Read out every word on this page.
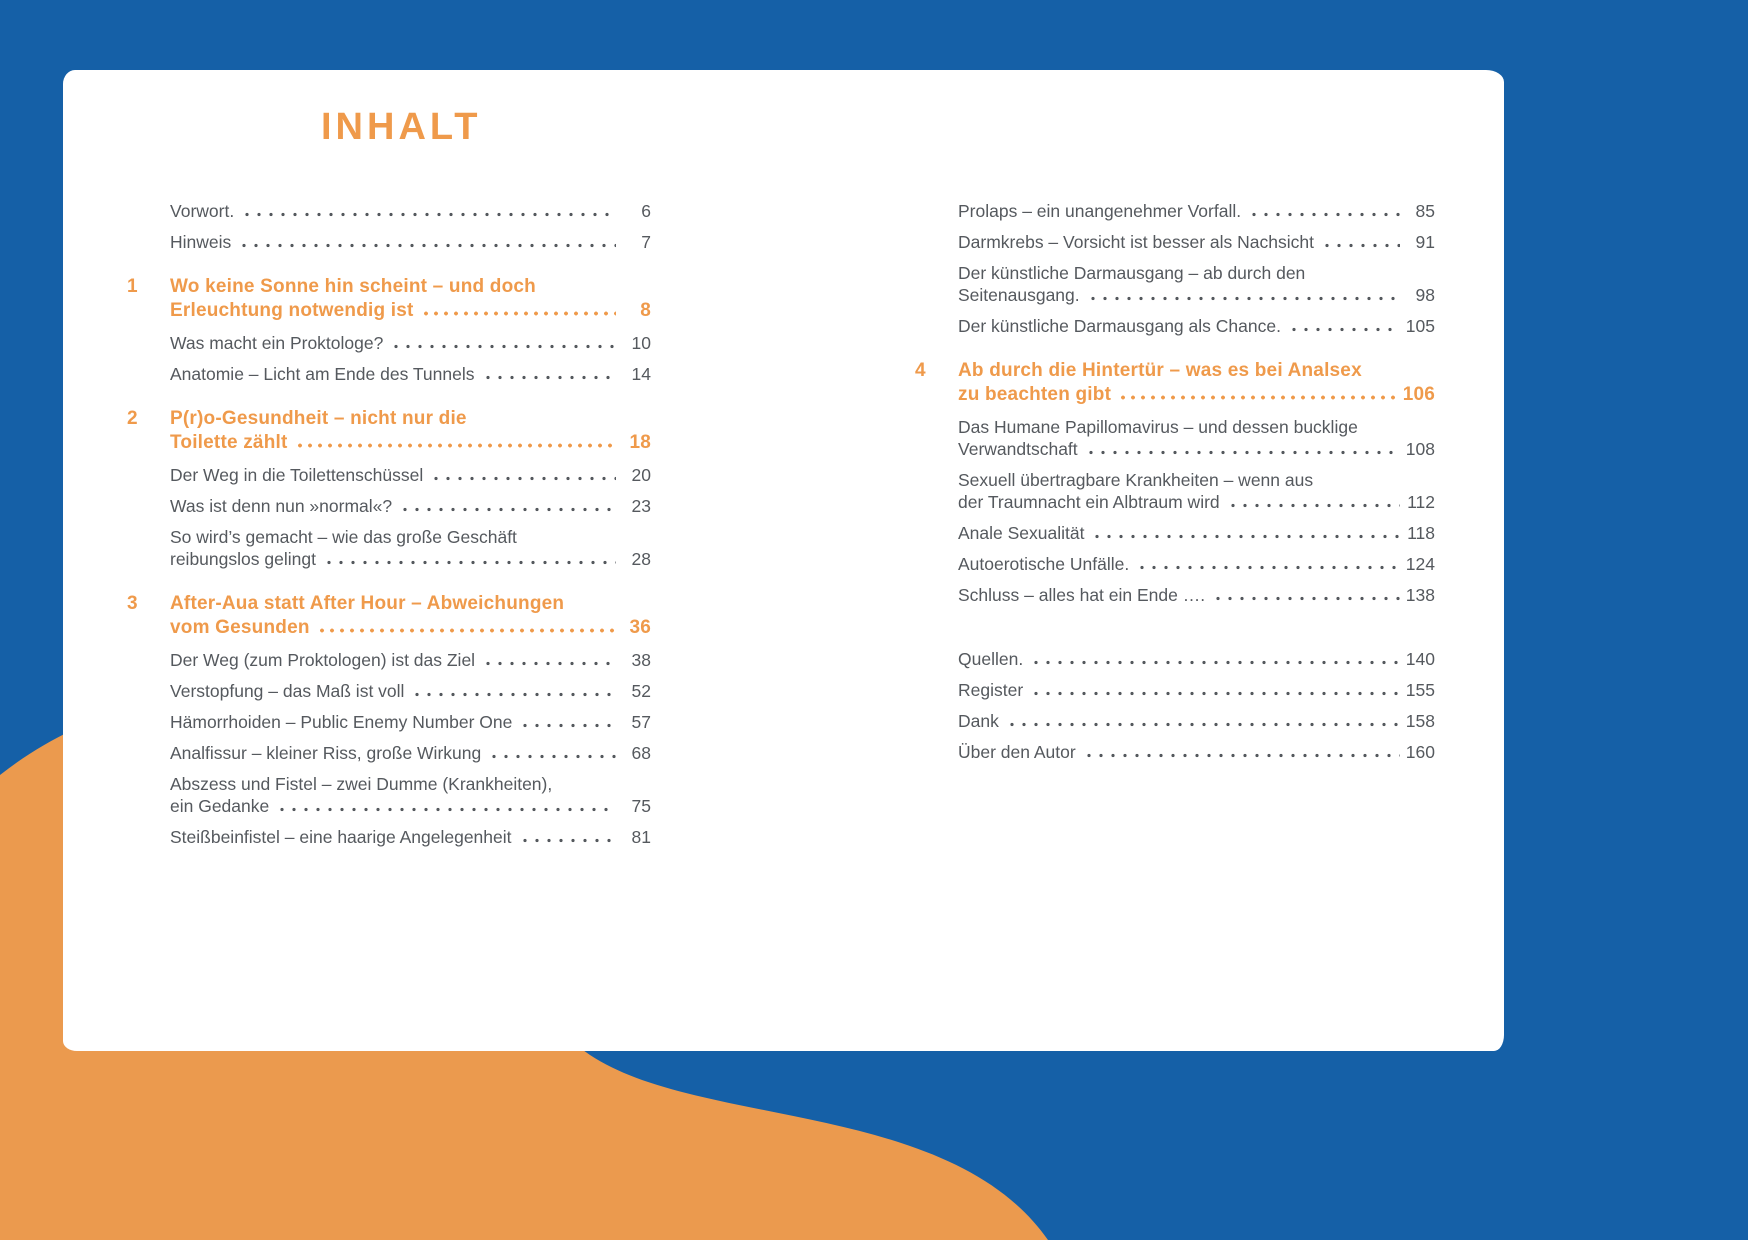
INHALT
Vorwort.	6
Hinweis	7
1	Wo keine Sonne hin scheint – und doch
Erleuchtung notwendig ist	8
Was macht ein Proktologe?	10
Anatomie – Licht am Ende des Tunnels	14
2	P(r)o-Gesundheit – nicht nur die
Toilette zählt	18
Der Weg in die Toilettenschüssel	20
Was ist denn nun »normal«?	23
So wird’s gemacht – wie das große Geschäft
reibungslos gelingt	28
3	After-Aua statt After Hour – Abweichungen
vom Gesunden	36
Der Weg (zum Proktologen) ist das Ziel	38
Verstopfung – das Maß ist voll	52
Hämorrhoiden – Public Enemy Number One	57
Analfissur – kleiner Riss, große Wirkung	68
Abszess und Fistel – zwei Dumme (Krankheiten),
ein Gedanke	75
Steißbeinfistel – eine haarige Angelegenheit	81
Prolaps – ein unangenehmer Vorfall.	85
Darmkrebs – Vorsicht ist besser als Nachsicht	91
Der künstliche Darmausgang – ab durch den
Seitenausgang.	98
Der künstliche Darmausgang als Chance.	105
4	Ab durch die Hintertür – was es bei Analsex
zu beachten gibt	106
Das Humane Papillomavirus – und dessen bucklige
Verwandtschaft	108
Sexuell übertragbare Krankheiten – wenn aus
der Traumnacht ein Albtraum wird	112
Anale Sexualität	118
Autoerotische Unfälle.	124
Schluss – alles hat ein Ende ….	138
Quellen.	140
Register	155
Dank	158
Über den Autor	160
